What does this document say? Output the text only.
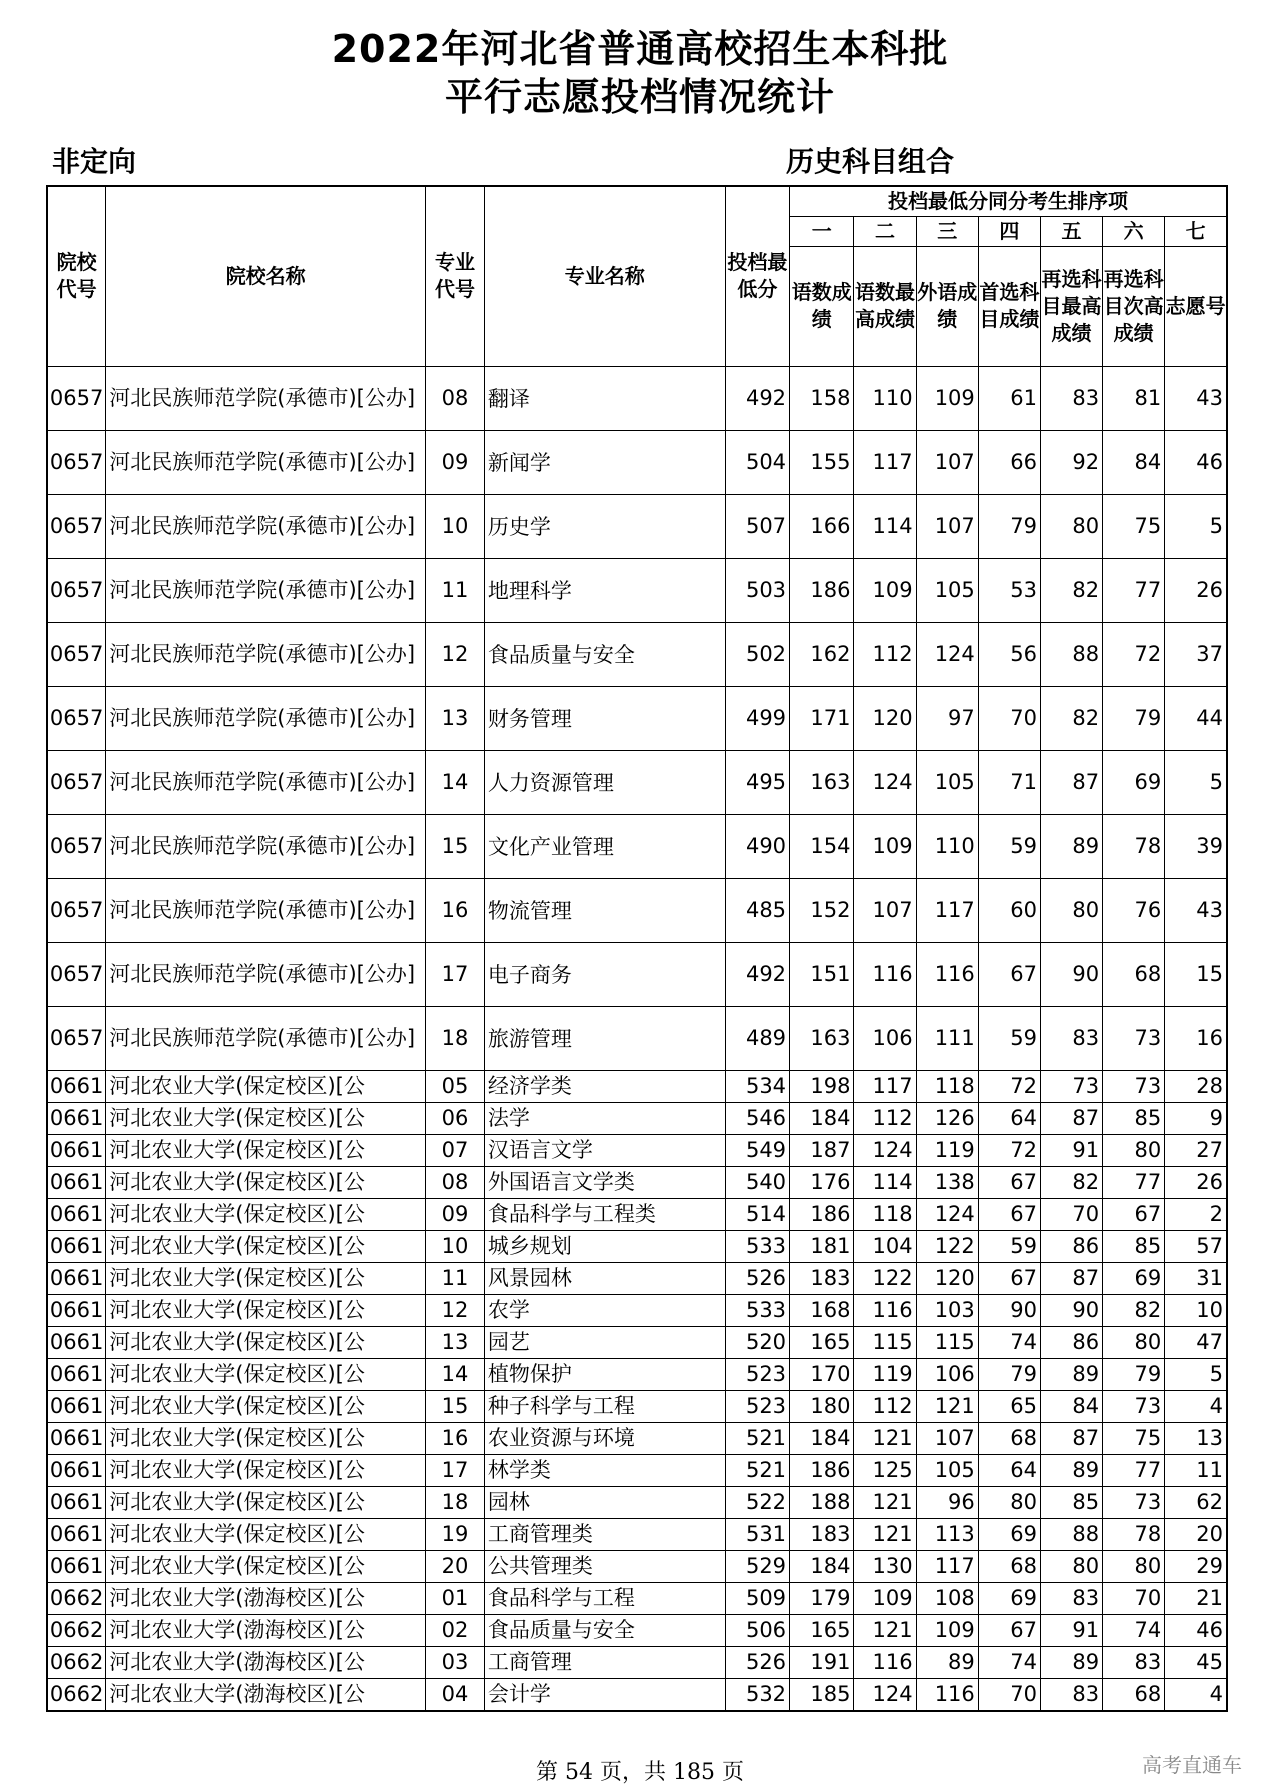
2022年河北省普通高校招生本科批
平行志愿投档情况统计
非定向	历史科目组合
院校代号	院校名称	专业代号	专业名称	投档最低分	投档最低分同分考生排序项						
					一	二	三	四	五	六	七
					语数成绩	语数最高成绩	外语成绩	首选科目成绩	再选科目最高成绩	再选科目次高成绩	志愿号
0657	河北民族师范学院(承德市)[公办]	08	翻译	492	158	110	109	61	83	81	43
0657	河北民族师范学院(承德市)[公办]	09	新闻学	504	155	117	107	66	92	84	46
0657	河北民族师范学院(承德市)[公办]	10	历史学	507	166	114	107	79	80	75	5
0657	河北民族师范学院(承德市)[公办]	11	地理科学	503	186	109	105	53	82	77	26
0657	河北民族师范学院(承德市)[公办]	12	食品质量与安全	502	162	112	124	56	88	72	37
0657	河北民族师范学院(承德市)[公办]	13	财务管理	499	171	120	97	70	82	79	44
0657	河北民族师范学院(承德市)[公办]	14	人力资源管理	495	163	124	105	71	87	69	5
0657	河北民族师范学院(承德市)[公办]	15	文化产业管理	490	154	109	110	59	89	78	39
0657	河北民族师范学院(承德市)[公办]	16	物流管理	485	152	107	117	60	80	76	43
0657	河北民族师范学院(承德市)[公办]	17	电子商务	492	151	116	116	67	90	68	15
0657	河北民族师范学院(承德市)[公办]	18	旅游管理	489	163	106	111	59	83	73	16
0661	河北农业大学(保定校区)[公	05	经济学类	534	198	117	118	72	73	73	28
0661	河北农业大学(保定校区)[公	06	法学	546	184	112	126	64	87	85	9
0661	河北农业大学(保定校区)[公	07	汉语言文学	549	187	124	119	72	91	80	27
0661	河北农业大学(保定校区)[公	08	外国语言文学类	540	176	114	138	67	82	77	26
0661	河北农业大学(保定校区)[公	09	食品科学与工程类	514	186	118	124	67	70	67	2
0661	河北农业大学(保定校区)[公	10	城乡规划	533	181	104	122	59	86	85	57
0661	河北农业大学(保定校区)[公	11	风景园林	526	183	122	120	67	87	69	31
0661	河北农业大学(保定校区)[公	12	农学	533	168	116	103	90	90	82	10
0661	河北农业大学(保定校区)[公	13	园艺	520	165	115	115	74	86	80	47
0661	河北农业大学(保定校区)[公	14	植物保护	523	170	119	106	79	89	79	5
0661	河北农业大学(保定校区)[公	15	种子科学与工程	523	180	112	121	65	84	73	4
0661	河北农业大学(保定校区)[公	16	农业资源与环境	521	184	121	107	68	87	75	13
0661	河北农业大学(保定校区)[公	17	林学类	521	186	125	105	64	89	77	11
0661	河北农业大学(保定校区)[公	18	园林	522	188	121	96	80	85	73	62
0661	河北农业大学(保定校区)[公	19	工商管理类	531	183	121	113	69	88	78	20
0661	河北农业大学(保定校区)[公	20	公共管理类	529	184	130	117	68	80	80	29
0662	河北农业大学(渤海校区)[公	01	食品科学与工程	509	179	109	108	69	83	70	21
0662	河北农业大学(渤海校区)[公	02	食品质量与安全	506	165	121	109	67	91	74	46
0662	河北农业大学(渤海校区)[公	03	工商管理	526	191	116	89	74	89	83	45
0662	河北农业大学(渤海校区)[公	04	会计学	532	185	124	116	70	83	68	4
第 54 页，共 185 页	高考直通车
